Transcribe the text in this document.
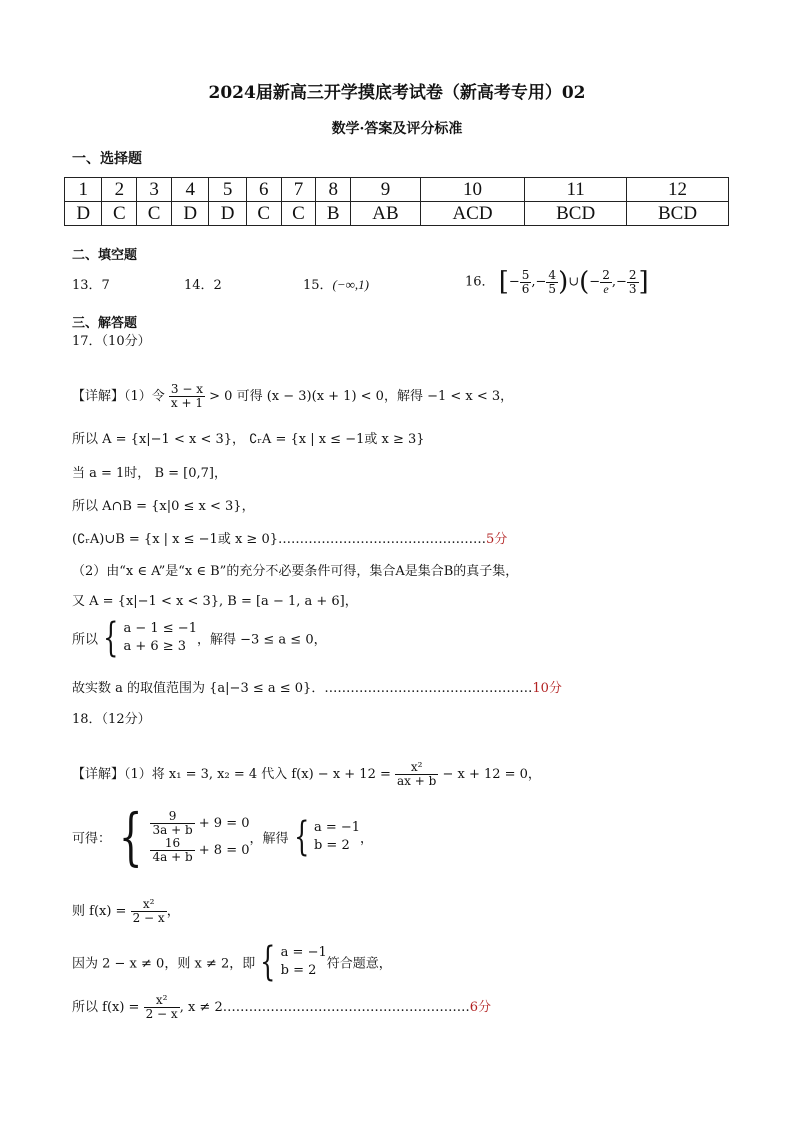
2024届新高三开学摸底考试卷（新高考专用）02
数学·答案及评分标准
一、选择题
1	2	3	4	5	6	7	8	9	10	11	12
D	C	C	D	D	C	C	B	AB	ACD	BCD	BCD
二、填空题
13．7	14．2	15．(−∞,1)	16． [− $\frac{5}{6}$ ,− $\frac{4}{5}$ )∪(− $\frac{2}{e}$ ,− $\frac{2}{3}$ ]
三、解答题
17．（10分）
【详解】（1）令 $\frac{3 - x}{x + 1} > 0$ 可得 (x − 3)(x + 1) < 0，解得 −1 < x < 3，
所以 A = {x|−1 < x < 3}， ∁ᵣA = {x | x ≤ −1或 x ≥ 3}
当 a = 1时， B = [0,7]，
所以 A∩B = {x|0 ≤ x < 3}，
(∁ᵣA)∪B = {x | x ≤ −1或 x ≥ 0}…………………………………………5分
（2）由“x ∈ A”是“x ∈ B”的充分不必要条件可得，集合A是集合B的真子集，
又 A = {x|−1 < x < 3}, B = [a − 1, a + 6]，
所以 { a − 1 ≤ −1
a + 6 ≥ 3 ，解得 −3 ≤ a ≤ 0，
故实数 a 的取值范围为 {a|−3 ≤ a ≤ 0}．…………………………………………10分
18．（12分）
【详解】（1）将 x₁ = 3, x₂ = 4 代入 $f(x) - x + 12 = \frac{\text{x²}}{ax + b} - x + 12 = 0$，
可得： { $\frac{9}{3a + b} + 9 = 0$
$\frac{16}{4a + b} + 8 = 0$
，解得 { a = −1
b = 2 ，
则 $f(x) = \frac{\text{x²}}{2 - x}$ ，
因为 2 − x ≠ 0，则 x ≠ 2，即 { a = −1
b = 2 符合题意，
所以 $f(x) = \frac{\text{x²}}{2 - x}$ , x ≠ 2…………………………………………………6分
